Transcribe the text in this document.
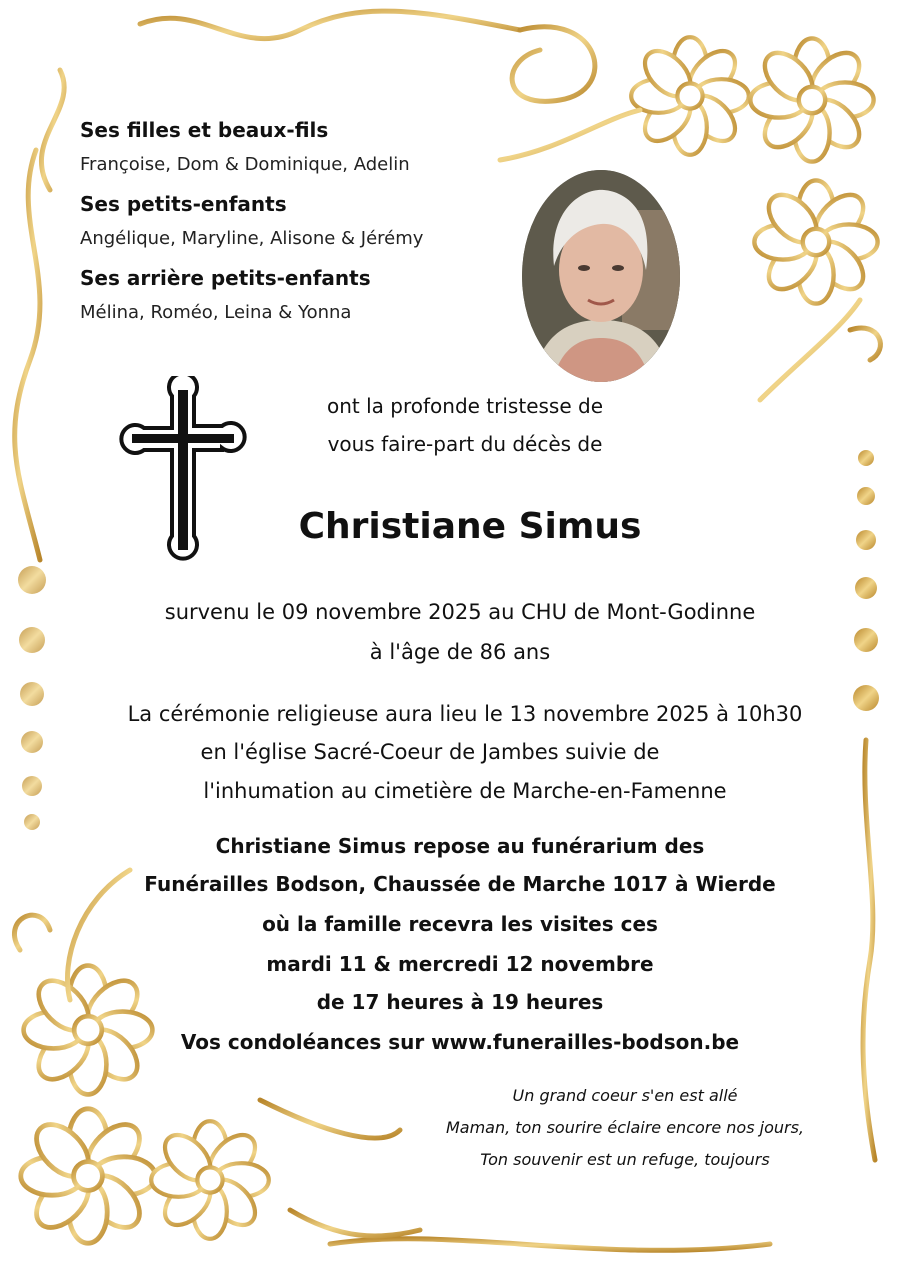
Ses filles et beaux-fils
Françoise, Dom & Dominique, Adelin
Ses petits-enfants
Angélique, Maryline, Alisone & Jérémy
Ses arrière petits-enfants
Mélina, Roméo, Leina & Yonna
ont la profonde tristesse de
vous faire-part du décès de
Christiane Simus
survenu le 09 novembre 2025 au CHU de Mont-Godinne
à l'âge de 86 ans
La cérémonie religieuse aura lieu le 13 novembre 2025 à 10h30
en l'église Sacré-Coeur de Jambes suivie de
l'inhumation au cimetière de Marche-en-Famenne
Christiane Simus repose au funérarium des
Funérailles Bodson, Chaussée de Marche 1017 à Wierde
où la famille recevra les visites ces
mardi 11 & mercredi 12 novembre
de 17 heures à 19 heures
Vos condoléances sur www.funerailles-bodson.be
Un grand coeur s'en est allé
Maman, ton sourire éclaire encore nos jours,
Ton souvenir est un refuge, toujours
